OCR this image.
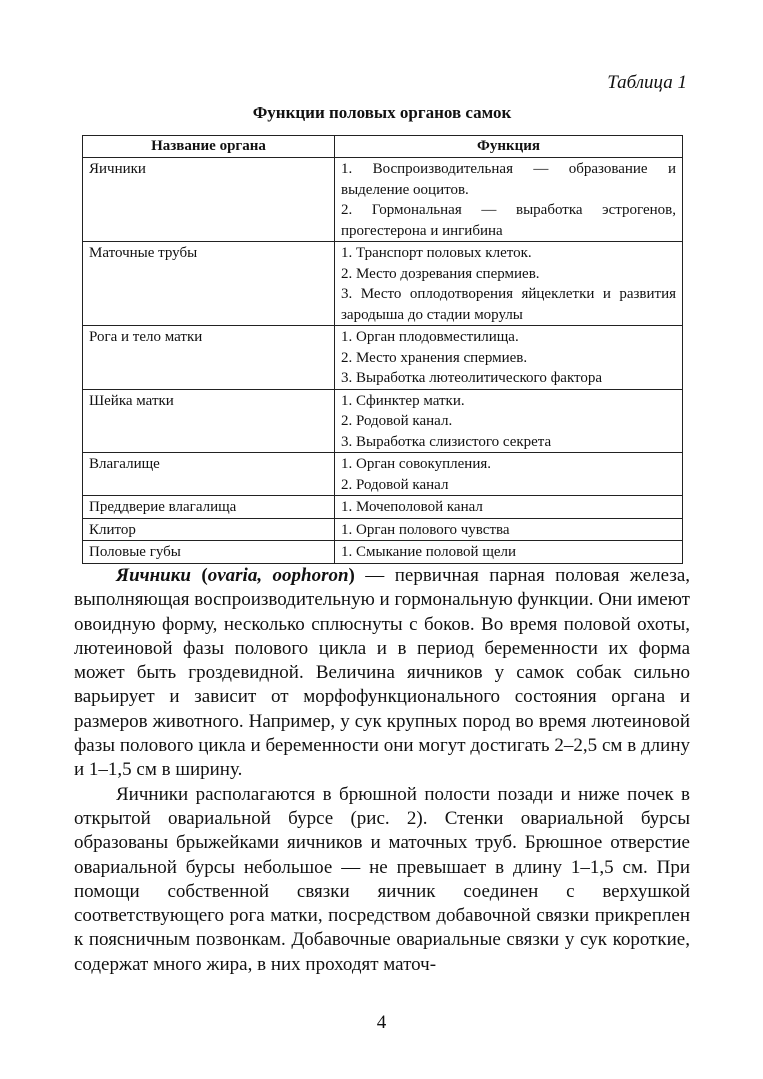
Таблица 1
Функции половых органов самок
Название органа	Функция
Яичники	1. Воспроизводительная — образование и выделение ооцитов.
2. Гормональная — выработка эстрогенов, прогестерона и ингибина

Маточные трубы	1. Транспорт половых клеток.
2. Место дозревания спермиев.
3. Место оплодотворения яйцеклетки и развития зародыша до стадии морулы

Рога и тело матки	1. Орган плодовместилища.
2. Место хранения спермиев.
3. Выработка лютеолитического фактора

Шейка матки	1. Сфинктер матки.
2. Родовой канал.
3. Выработка слизистого секрета

Влагалище	1. Орган совокупления.
2. Родовой канал

Преддверие влагалища	1. Мочеполовой канал

Клитор	1. Орган полового чувства

Половые губы	1. Смыкание половой щели

Яичники (ovaria, oophoron) — первичная парная половая железа, выполняющая воспроизводительную и гормональную функции. Они имеют овоидную форму, несколько сплюснуты с боков. Во время половой охоты, лютеиновой фазы полового цикла и в период беременности их форма может быть гроздевидной. Величина яичников у самок собак сильно варьирует и зависит от морфофункционального состояния органа и размеров животного. Например, у сук крупных пород во время лютеиновой фазы полового цикла и беременности они могут достигать 2–2,5 см в длину и 1–1,5 см в ширину.

Яичники располагаются в брюшной полости позади и ниже почек в открытой овариальной бурсе (рис. 2). Стенки овариальной бурсы образованы брыжейками яичников и маточных труб. Брюшное отверстие овариальной бурсы небольшое — не превышает в длину 1–1,5 см. При помощи собственной связки яичник соединен с верхушкой соответствующего рога матки, посредством добавочной связки прикреплен к поясничным позвонкам. Добавочные овариальные связки у сук короткие, содержат много жира, в них проходят маточ-

4
